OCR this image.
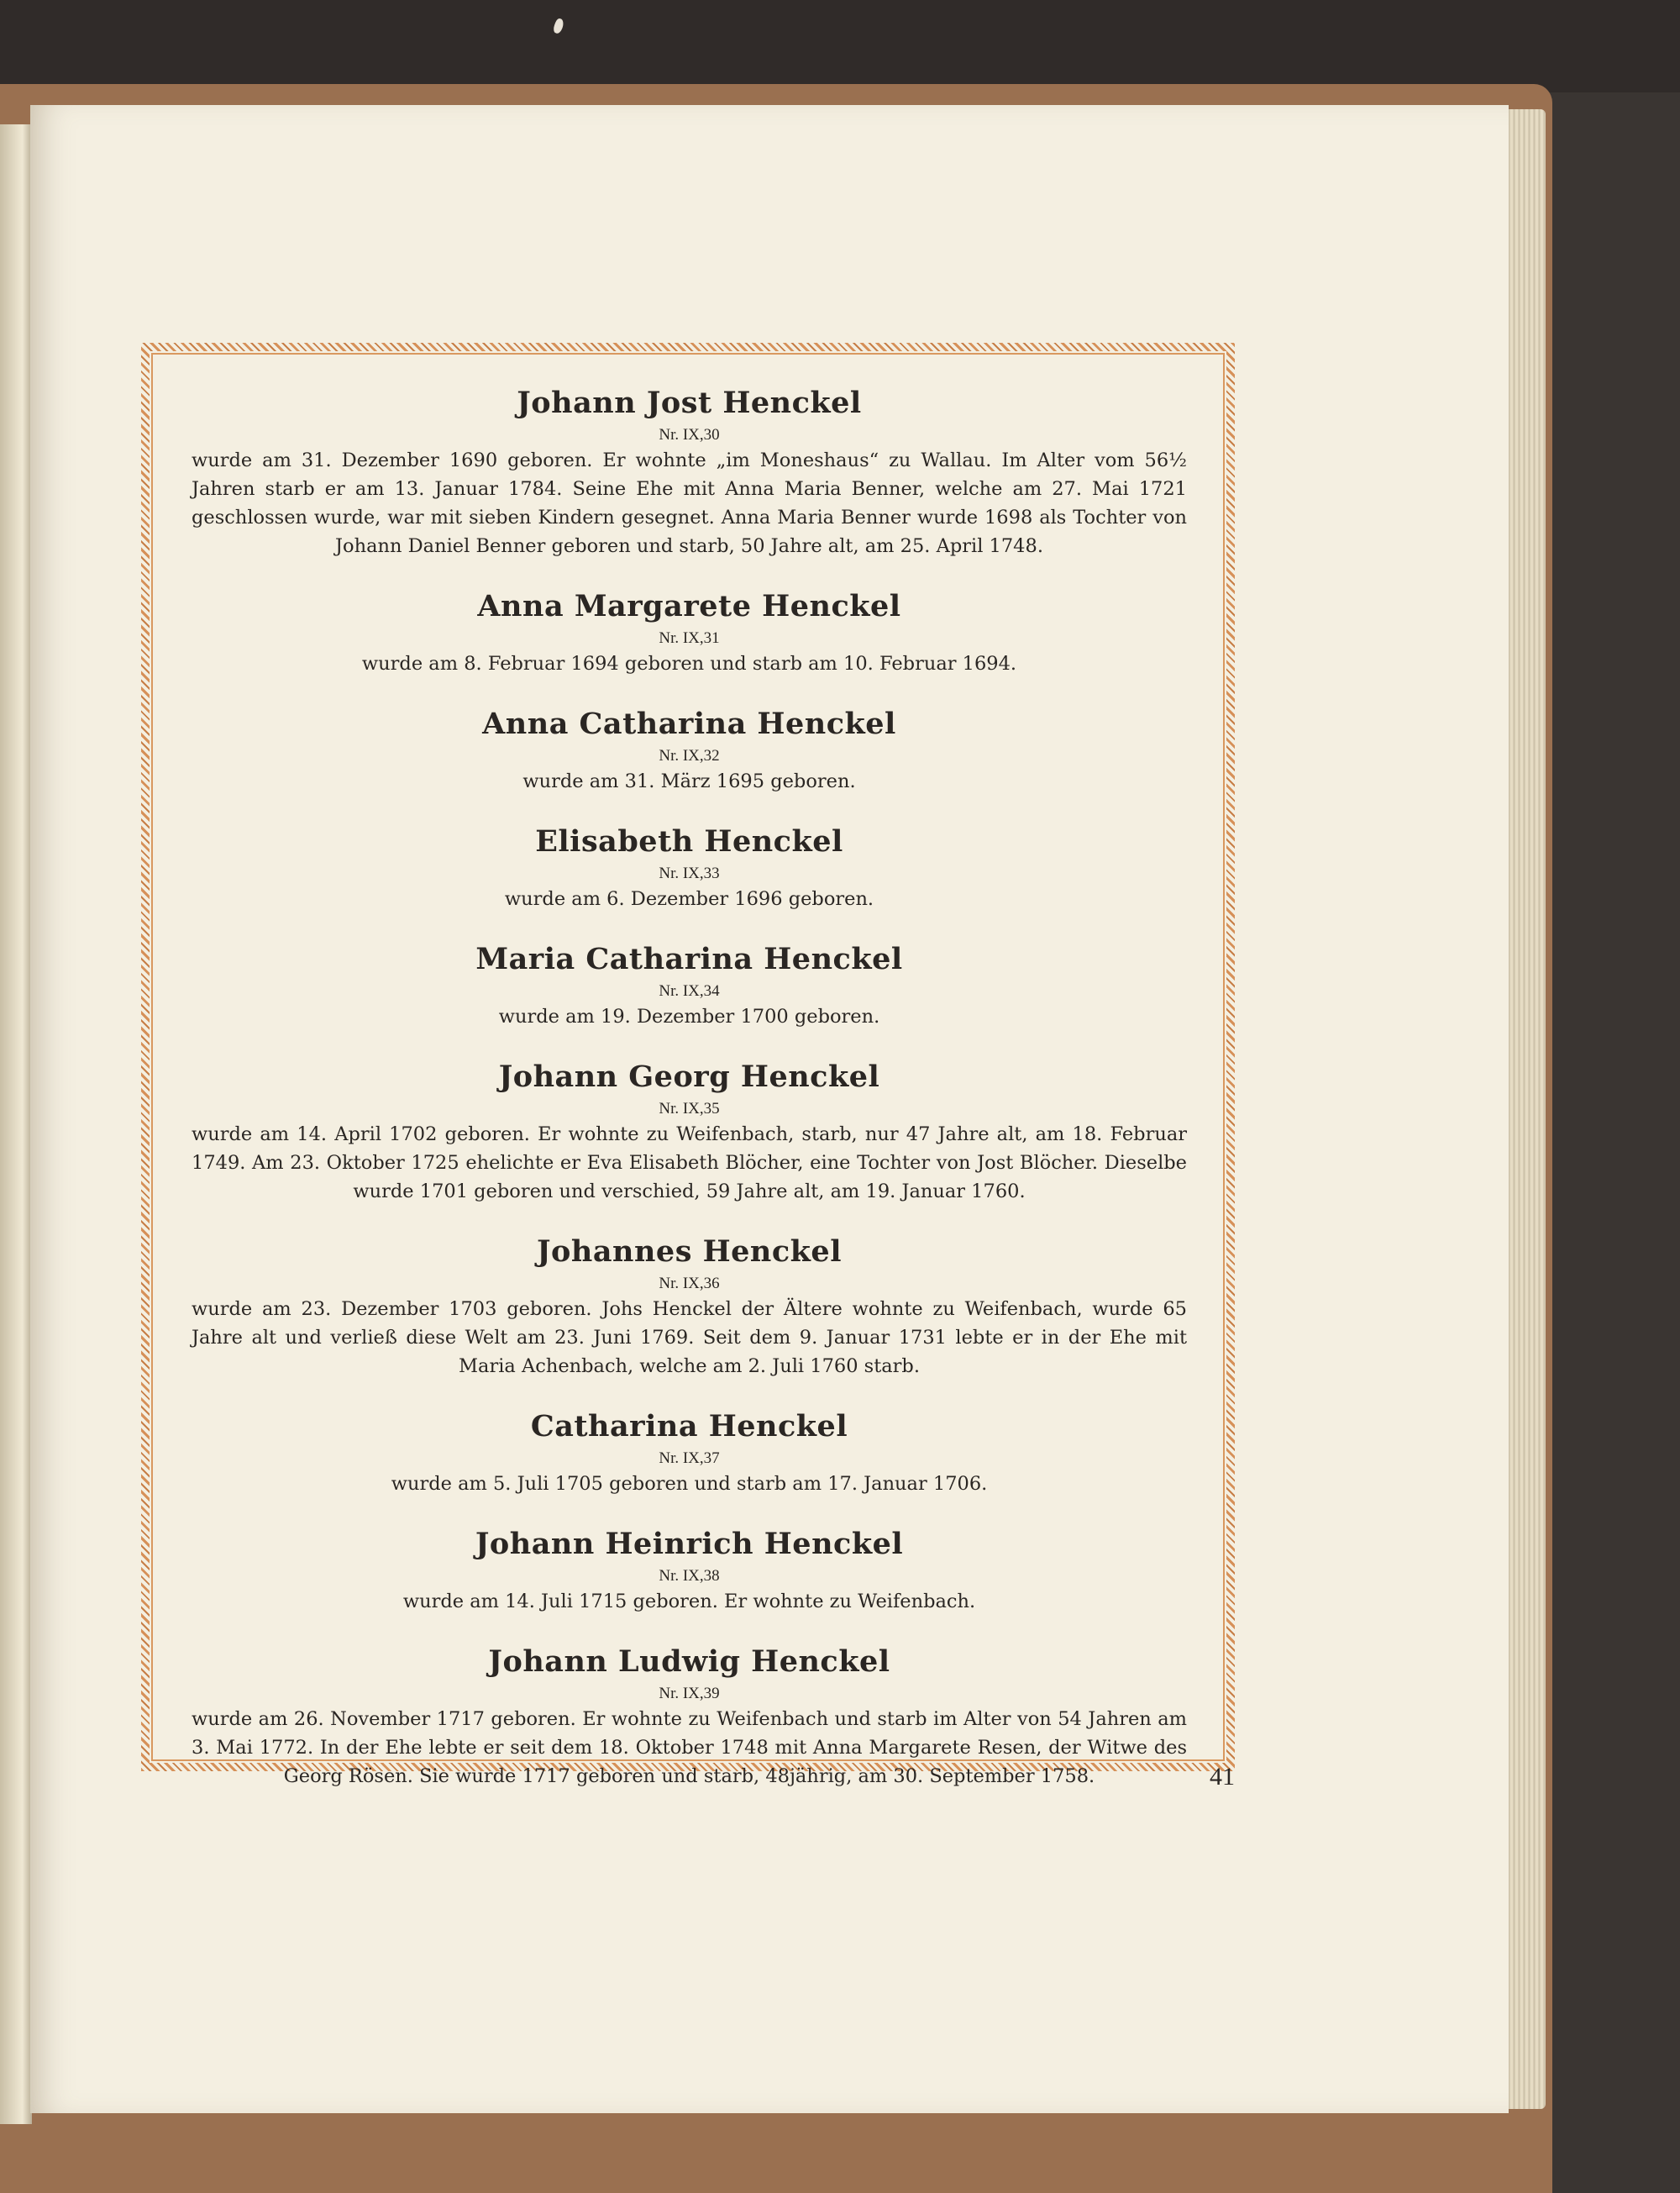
Johann Jost Henckel
Nr. IX,30

wurde am 31. Dezember 1690 geboren. Er wohnte „im Moneshaus“ zu Wallau. Im Alter vom 56½ Jahren starb er am 13. Januar 1784. Seine Ehe mit Anna Maria Benner, welche am 27. Mai 1721 geschlossen wurde, war mit sieben Kindern gesegnet. Anna Maria Benner wurde 1698 als Tochter von Johann Daniel Benner geboren und starb, 50 Jahre alt, am 25. April 1748.

Anna Margarete Henckel
Nr. IX,31

wurde am 8. Februar 1694 geboren und starb am 10. Februar 1694.

Anna Catharina Henckel
Nr. IX,32

wurde am 31. März 1695 geboren.

Elisabeth Henckel
Nr. IX,33

wurde am 6. Dezember 1696 geboren.

Maria Catharina Henckel
Nr. IX,34

wurde am 19. Dezember 1700 geboren.

Johann Georg Henckel
Nr. IX,35

wurde am 14. April 1702 geboren. Er wohnte zu Weifenbach, starb, nur 47 Jahre alt, am 18. Februar 1749. Am 23. Oktober 1725 ehelichte er Eva Elisabeth Blöcher, eine Tochter von Jost Blöcher. Dieselbe wurde 1701 geboren und verschied, 59 Jahre alt, am 19. Januar 1760.

Johannes Henckel
Nr. IX,36

wurde am 23. Dezember 1703 geboren. Johs Henckel der Ältere wohnte zu Weifenbach, wurde 65 Jahre alt und verließ diese Welt am 23. Juni 1769. Seit dem 9. Januar 1731 lebte er in der Ehe mit Maria Achenbach, welche am 2. Juli 1760 starb.

Catharina Henckel
Nr. IX,37

wurde am 5. Juli 1705 geboren und starb am 17. Januar 1706.

Johann Heinrich Henckel
Nr. IX,38

wurde am 14. Juli 1715 geboren. Er wohnte zu Weifenbach.

Johann Ludwig Henckel
Nr. IX,39

wurde am 26. November 1717 geboren. Er wohnte zu Weifenbach und starb im Alter von 54 Jahren am 3. Mai 1772. In der Ehe lebte er seit dem 18. Oktober 1748 mit Anna Margarete Resen, der Witwe des Georg Rösen. Sie wurde 1717 geboren und starb, 48jährig, am 30. September 1758.	41
